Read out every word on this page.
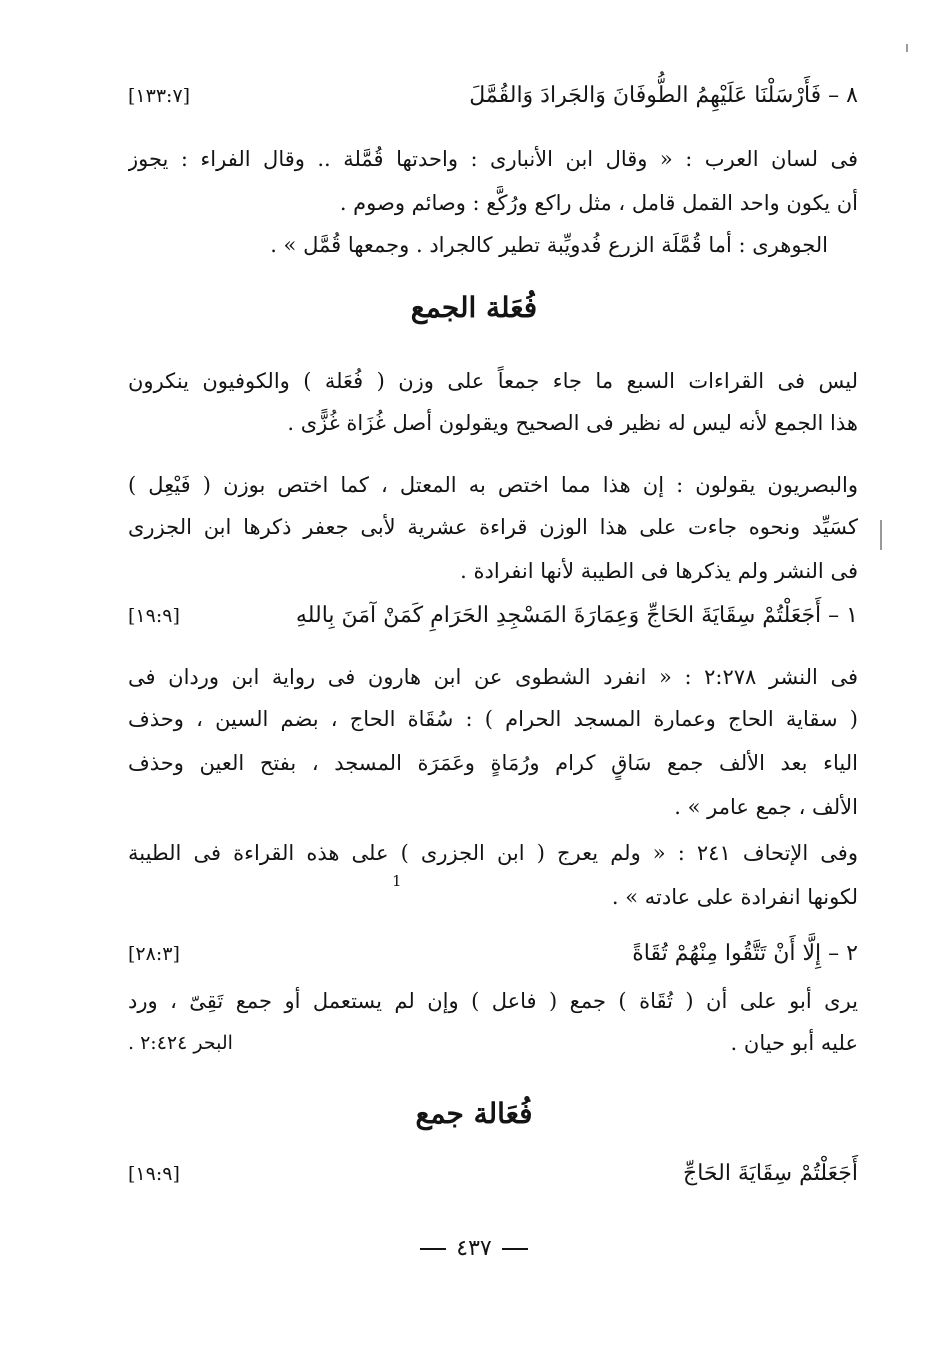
٨ – فَأَرْسَلْنَا عَلَيْهِمُ الطُّوفَانَ وَالجَرادَ وَالقُمَّلَ
[١٣٣:٧]
فى لسان العرب : « وقال ابن الأنبارى : واحدتها قُمَّلة .. وقال الفراء : يجوز
أن يكون واحد القمل قامل ، مثل راكع ورُكَّع : وصائم وصوم .
الجوهرى : أما قُمَّلَة الزرع فُدويِّبة تطير كالجراد . وجمعها قُمَّل » .
فُعَلة الجمع
ليس فى القراءات السبع ما جاء جمعاً على وزن ( فُعَلة ) والكوفيون ينكرون
هذا الجمع لأنه ليس له نظير فى الصحيح ويقولون أصل غُزَاة غُزًّى .
والبصريون يقولون : إن هذا مما اختص به المعتل ، كما اختص بوزن ( فَيْعِل )
كسَيِّد ونحوه جاءت على هذا الوزن قراءة عشرية لأبى جعفر ذكرها ابن الجزرى
فى النشر ولم يذكرها فى الطيبة لأنها انفرادة .
١ – أَجَعَلْتُمْ سِقَايَةَ الحَاجِّ وَعِمَارَةَ المَسْجِدِ الحَرَامِ كَمَنْ آمَنَ بِاللهِ
[١٩:٩]
فى النشر ٢:٢٧٨ : « انفرد الشطوى عن ابن هارون فى رواية ابن وردان فى
( سقاية الحاج وعمارة المسجد الحرام ) : سُقَاة الحاج ، بضم السين ، وحذف
الياء بعد الألف جمع سَاقٍ كرام ورُمَاةٍ وعَمَرَة المسجد ، بفتح العين وحذف
الألف ، جمع عامر » .
وفى الإتحاف ٢٤١ : « ولم يعرج ( ابن الجزرى ) على هذه القراءة فى الطيبة
لكونها انفرادة على عادته » .
1
٢ – إِلَّا أَنْ تَتَّقُوا مِنْهُمْ تُقَاةً
[٢٨:٣]
يرى أبو على أن ( تُقَاة ) جمع ( فاعل ) وإن لم يستعمل أو جمع تَقِىّ ، ورد
عليه أبو حيان .
البحر ٢:٤٢٤ .
فُعَالة جمع
أَجَعَلْتُمْ سِقَايَةَ الحَاجِّ
[١٩:٩]
٤٣٧
